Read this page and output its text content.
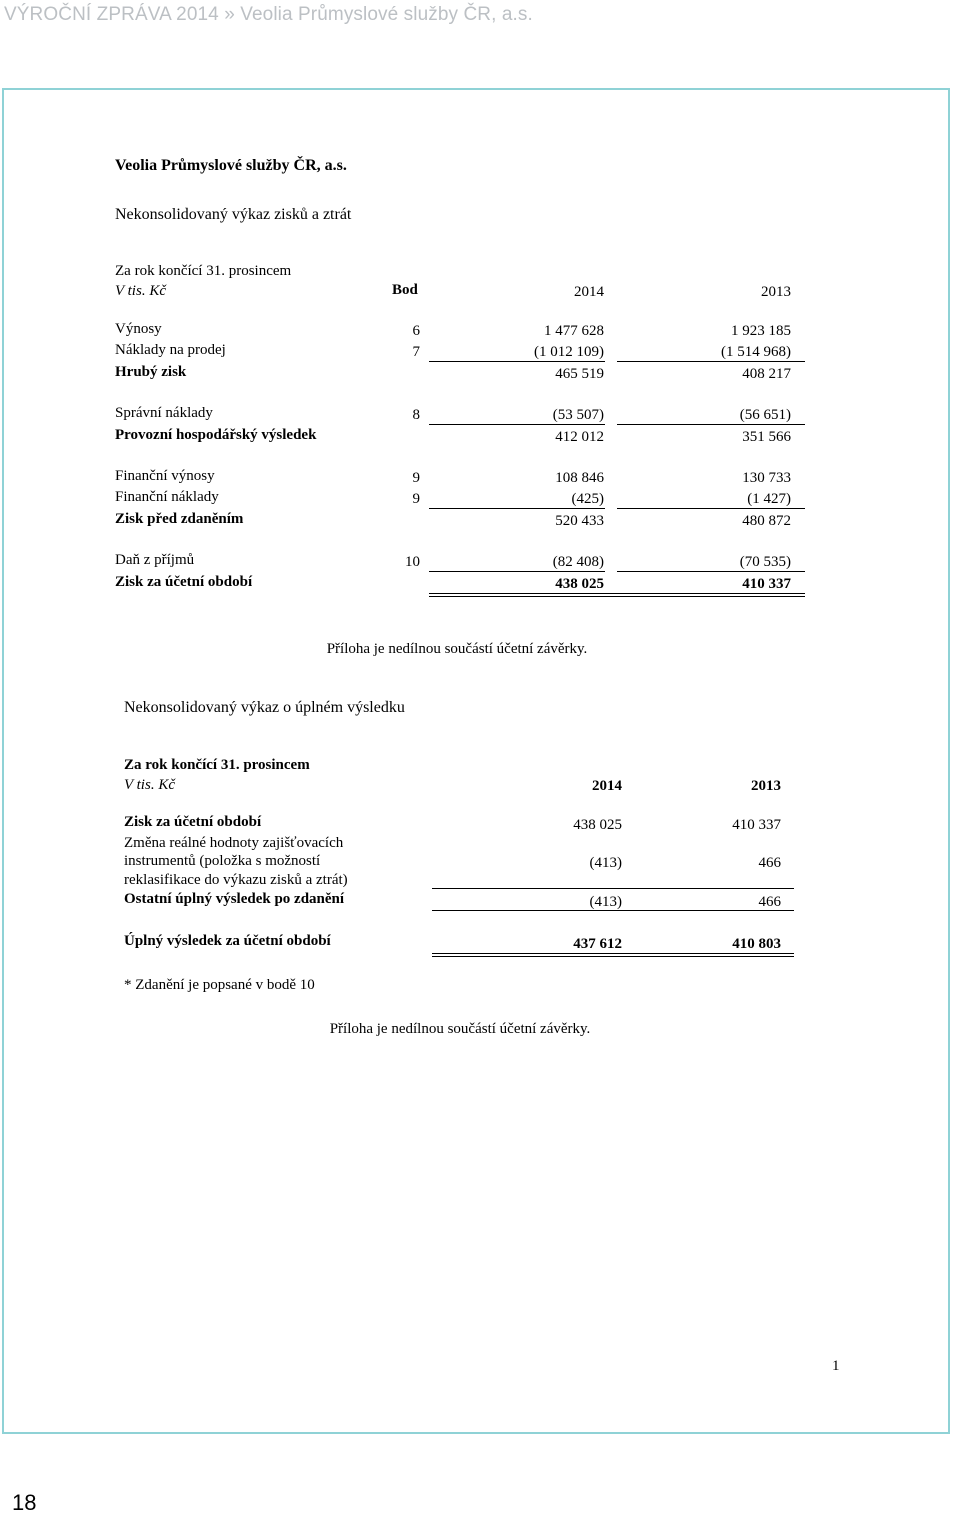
VÝROČNÍ ZPRÁVA 2014 » Veolia Průmyslové služby ČR, a.s.
Veolia Průmyslové služby ČR, a.s.
Nekonsolidovaný výkaz zisků a ztrát
Za rok končící 31. prosincem
V tis. Kč	Bod	2014	2013
Výnosy	6	1 477 628	1 923 185
Náklady na prodej	7	(1 012 109)	(1 514 968)
Hrubý zisk	465 519	408 217
Správní náklady	8	(53 507)	(56 651)
Provozní hospodářský výsledek	412 012	351 566
Finanční výnosy	9	108 846	130 733
Finanční náklady	9	(425)	(1 427)
Zisk před zdaněním	520 433	480 872
Daň z příjmů	10	(82 408)	(70 535)
Zisk za účetní období	438 025	410 337
Příloha je nedílnou součástí účetní závěrky.
Nekonsolidovaný výkaz o úplném výsledku
Za rok končící 31. prosincem
V tis. Kč	2014	2013
Zisk za účetní období	438 025	410 337
Změna reálné hodnoty zajišťovacích
instrumentů (položka s možností
reklasifikace do výkazu zisků a ztrát)
(413)	466
Ostatní úplný výsledek po zdanění	(413)	466
Úplný výsledek za účetní období	437 612	410 803
* Zdanění je popsané v bodě 10
Příloha je nedílnou součástí účetní závěrky.
1
18
